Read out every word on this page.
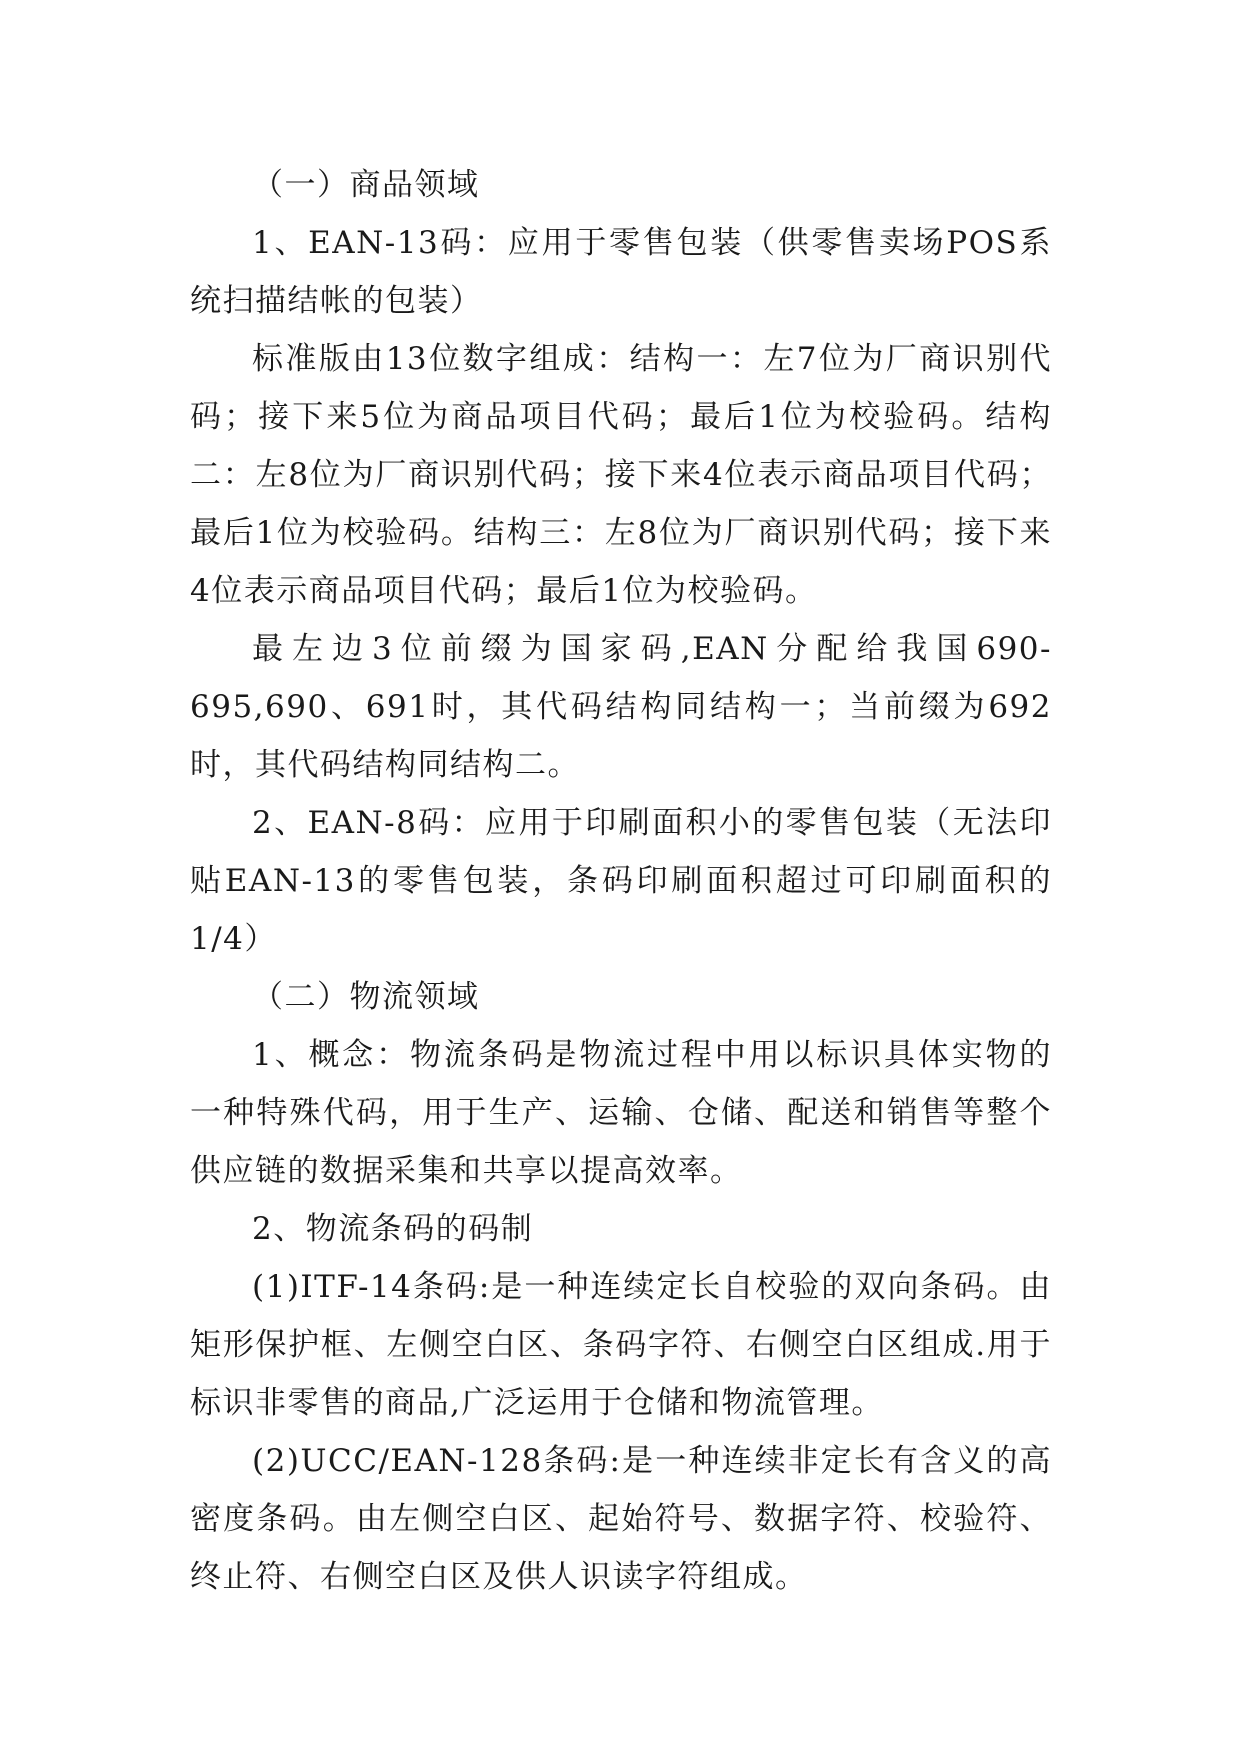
（一）商品领域

1、EAN-13码：应用于零售包装（供零售卖场POS系统扫描结帐的包装）

标准版由13位数字组成：结构一：左7位为厂商识别代码；接下来5位为商品项目代码；最后1位为校验码。结构二：左8位为厂商识别代码；接下来4位表示商品项目代码；最后1位为校验码。结构三：左8位为厂商识别代码；接下来4位表示商品项目代码；最后1位为校验码。

最左边3位前缀为国家码,EAN分配给我国690-695,690、691时，其代码结构同结构一；当前缀为692时，其代码结构同结构二。

2、EAN-8码：应用于印刷面积小的零售包装（无法印贴EAN-13的零售包装，条码印刷面积超过可印刷面积的1/4）

（二）物流领域

1、概念：物流条码是物流过程中用以标识具体实物的一种特殊代码，用于生产、运输、仓储、配送和销售等整个供应链的数据采集和共享以提高效率。

2、物流条码的码制

(1)ITF-14条码:是一种连续定长自校验的双向条码。由矩形保护框、左侧空白区、条码字符、右侧空白区组成.用于标识非零售的商品,广泛运用于仓储和物流管理。

(2)UCC/EAN-128条码:是一种连续非定长有含义的高密度条码。由左侧空白区、起始符号、数据字符、校验符、终止符、右侧空白区及供人识读字符组成。
